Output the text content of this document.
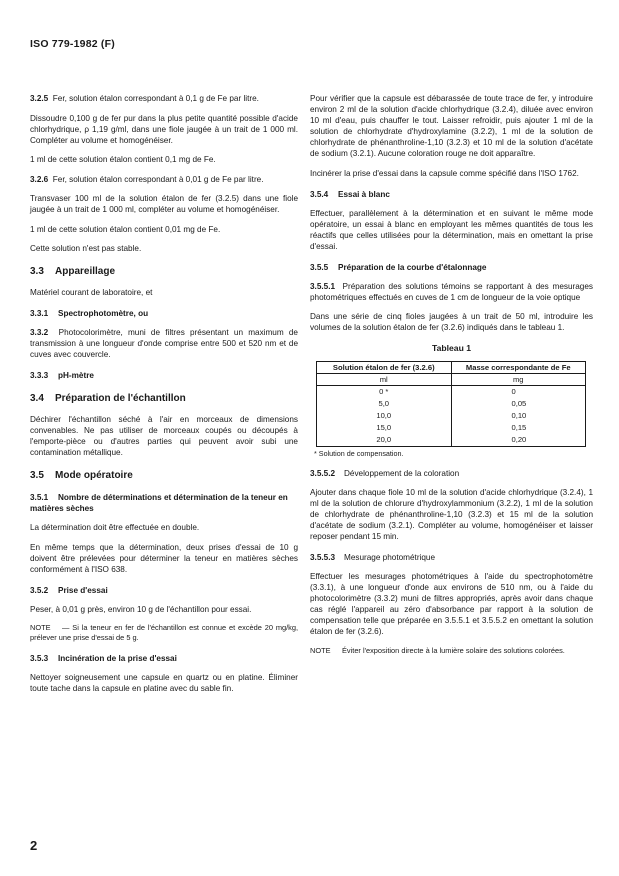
ISO 779-1982 (F)

3.2.5 Fer, solution étalon correspondant à 0,1 g de Fe par litre.

Dissoudre 0,100 g de fer pur dans la plus petite quantité possible d'acide chlorhydrique, ρ 1,19 g/ml, dans une fiole jaugée à un trait de 1 000 ml. Compléter au volume et homogénéiser.

1 ml de cette solution étalon contient 0,1 mg de Fe.

3.2.6 Fer, solution étalon correspondant à 0,01 g de Fe par litre.

Transvaser 100 ml de la solution étalon de fer (3.2.5) dans une fiole jaugée à un trait de 1 000 ml, compléter au volume et homogénéiser.

1 ml de cette solution étalon contient 0,01 mg de Fe.

Cette solution n'est pas stable.

3.3 Appareillage

Matériel courant de laboratoire, et

3.3.1 Spectrophotomètre, ou

3.3.2 Photocolorimètre, muni de filtres présentant un maximum de transmission à une longueur d'onde comprise entre 500 et 520 nm et de cuves avec couvercle.

3.3.3 pH-mètre
3.4 Préparation de l'échantillon

Déchirer l'échantillon séché à l'air en morceaux de dimensions convenables. Ne pas utiliser de morceaux coupés ou découpés à l'emporte-pièce ou d'autres parties qui peuvent avoir subi une contamination métallique.

3.5 Mode opératoire
3.5.1 Nombre de déterminations et détermination de la teneur en matières sèches

La détermination doit être effectuée en double.

En même temps que la détermination, deux prises d'essai de 10 g doivent être prélevées pour déterminer la teneur en matières sèches conformément à l'ISO 638.

3.5.2 Prise d'essai

Peser, à 0,01 g près, environ 10 g de l'échantillon pour essai.

NOTE — Si la teneur en fer de l'échantillon est connue et excède 20 mg/kg, prélever une prise d'essai de 5 g.
3.5.3 Incinération de la prise d'essai

Nettoyer soigneusement une capsule en quartz ou en platine. Éliminer toute tache dans la capsule en platine avec du sable fin.

Pour vérifier que la capsule est débarassée de toute trace de fer, y introduire environ 2 ml de la solution d'acide chlorhydrique (3.2.4), diluée avec environ 10 ml d'eau, puis chauffer le tout. Laisser refroidir, puis ajouter 1 ml de la solution de chlorhydrate d'hydroxylamine (3.2.2), 1 ml de la solution de chlorhydrate de phénanthroline-1,10 (3.2.3) et 10 ml de la solution d'acétate de sodium (3.2.1). Aucune coloration rouge ne doit apparaître.

Incinérer la prise d'essai dans la capsule comme spécifié dans l'ISO 1762.

3.5.4 Essai à blanc

Effectuer, parallèlement à la détermination et en suivant le même mode opératoire, un essai à blanc en employant les mêmes quantités de tous les réactifs que celles utilisées pour la détermination, mais en omettant la prise d'essai.

3.5.5 Préparation de la courbe d'étalonnage

3.5.5.1 Préparation des solutions témoins se rapportant à des mesurages photométriques effectués en cuves de 1 cm de longueur de la voie optique

Dans une série de cinq fioles jaugées à un trait de 50 ml, introduire les volumes de la solution étalon de fer (3.2.6) indiqués dans le tableau 1.

Tableau 1
Solution étalon de fer (3.2.6)	Masse correspondante de Fe
ml	mg
0 *	0
5,0	0,05
10,0	0,10
15,0	0,15
20,0	0,20
* Solution de compensation.
3.5.5.2 Développement de la coloration

Ajouter dans chaque fiole 10 ml de la solution d'acide chlorhydrique (3.2.4), 1 ml de la solution de chlorure d'hydroxylammonium (3.2.2), 1 ml de la solution de chlorhydrate de phénanthroline-1,10 (3.2.3) et 15 ml de la solution d'acétate de sodium (3.2.1). Compléter au volume, homogénéiser et laisser reposer pendant 15 min.

3.5.5.3 Mesurage photométrique

Effectuer les mesurages photométriques à l'aide du spectrophotomètre (3.3.1), à une longueur d'onde aux environs de 510 nm, ou à l'aide du photocolorimètre (3.3.2) muni de filtres appropriés, après avoir dans chaque cas réglé l'appareil au zéro d'absorbance par rapport à la solution de compensation telle que préparée en 3.5.5.1 et 3.5.5.2 en omettant la solution étalon de fer (3.2.6).

NOTE Éviter l'exposition directe à la lumière solaire des solutions colorées.
2
